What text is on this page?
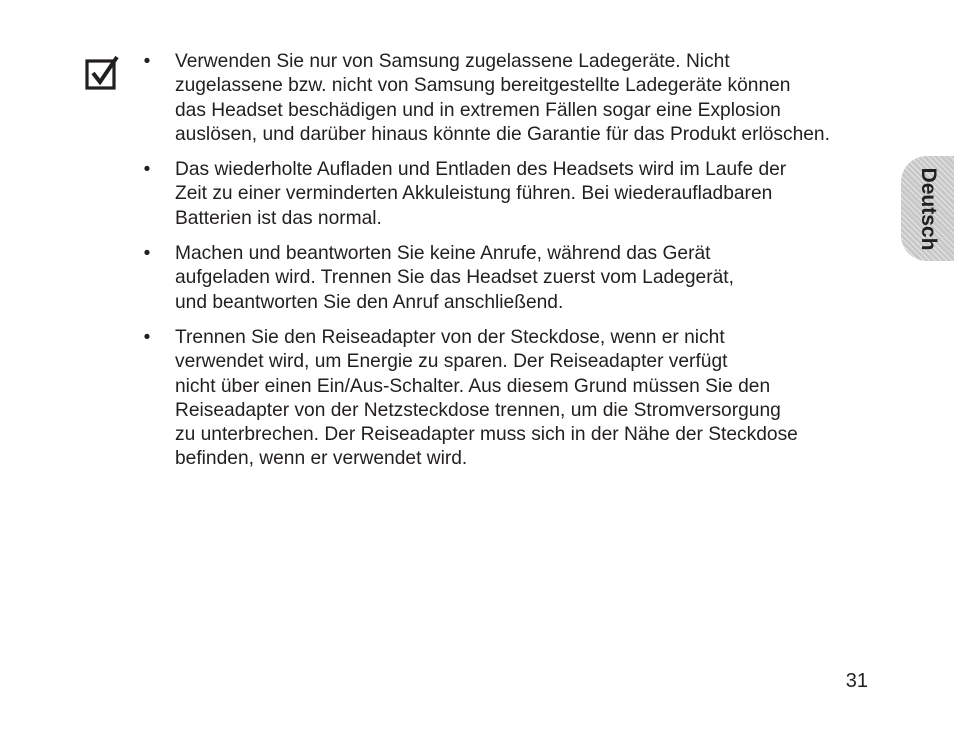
• Verwenden Sie nur von Samsung zugelassene Ladegeräte. Nicht
zugelassene bzw. nicht von Samsung bereitgestellte Ladegeräte können
das Headset beschädigen und in extremen Fällen sogar eine Explosion
auslösen, und darüber hinaus könnte die Garantie für das Produkt erlöschen.
• Das wiederholte Aufladen und Entladen des Headsets wird im Laufe der
Zeit zu einer verminderten Akkuleistung führen. Bei wiederaufladbaren
Batterien ist das normal.
• Machen und beantworten Sie keine Anrufe, während das Gerät
aufgeladen wird. Trennen Sie das Headset zuerst vom Ladegerät,
und beantworten Sie den Anruf anschließend.
• Trennen Sie den Reiseadapter von der Steckdose, wenn er nicht
verwendet wird, um Energie zu sparen. Der Reiseadapter verfügt
nicht über einen Ein/Aus-Schalter. Aus diesem Grund müssen Sie den
Reiseadapter von der Netzsteckdose trennen, um die Stromversorgung
zu unterbrechen. Der Reiseadapter muss sich in der Nähe der Steckdose
befinden, wenn er verwendet wird.
Deutsch
31
